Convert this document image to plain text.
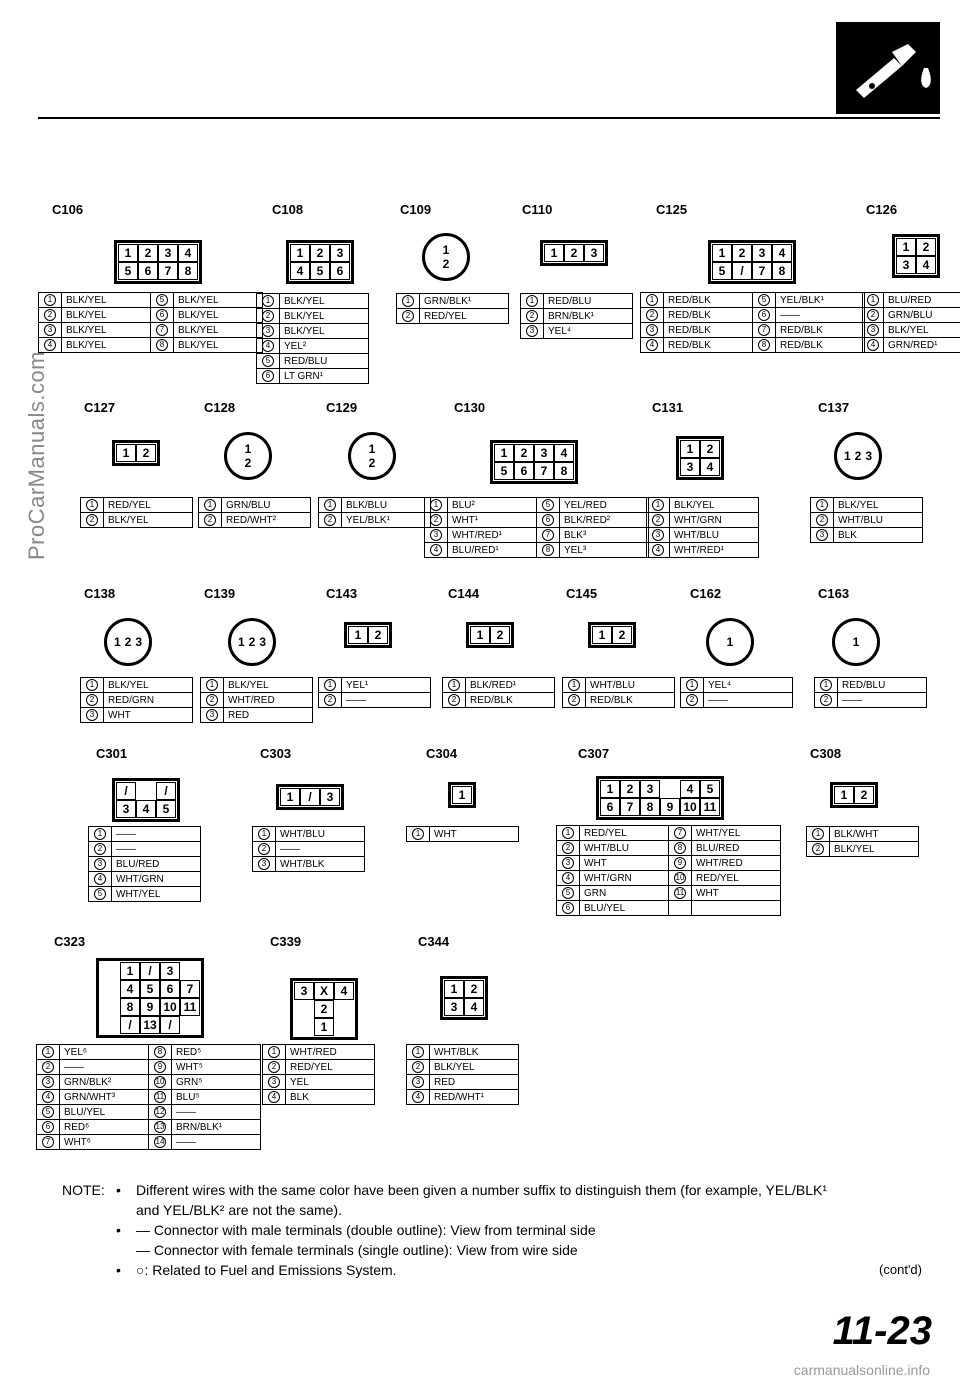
ProCarManuals.com
C106
1	2	3	4
5	6	7	8
1	BLK/YEL	5	BLK/YEL
2	BLK/YEL	6	BLK/YEL
3	BLK/YEL	7	BLK/YEL
4	BLK/YEL	8	BLK/YEL
C108
1	2	3
4	5	6
1	BLK/YEL
2	BLK/YEL
3	BLK/YEL
4	YEL²
5	RED/BLU
6	LT GRN¹
C109
1
2
1	GRN/BLK¹
2	RED/YEL
C110
1	2	3
1	RED/BLU
2	BRN/BLK¹
3	YEL⁴
C125
1	2	3	4
5	/	7	8
1	RED/BLK	5	YEL/BLK¹
2	RED/BLK	6	——
3	RED/BLK	7	RED/BLK
4	RED/BLK	8	RED/BLK
C126
1	2
3	4
1	BLU/RED
2	GRN/BLU
3	BLK/YEL
4	GRN/RED¹
C127
1	2
1	RED/YEL
2	BLK/YEL
C128
1
2
1	GRN/BLU
2	RED/WHT²
C129
1
2
1	BLK/BLU
2	YEL/BLK¹
C130
1	2	3	4
5	6	7	8
1	BLU²	5	YEL/RED
2	WHT¹	6	BLK/RED²
3	WHT/RED¹	7	BLK³
4	BLU/RED¹	8	YEL³
C131
1	2
3	4
1	BLK/YEL
2	WHT/GRN
3	WHT/BLU
4	WHT/RED¹
C137
1 2 3
1	BLK/YEL
2	WHT/BLU
3	BLK
C138
1 2 3
1	BLK/YEL
2	RED/GRN
3	WHT
C139
1 2 3
1	BLK/YEL
2	WHT/RED
3	RED
C143
1	2
1	YEL¹
2	——
C144
1	2
1	BLK/RED¹
2	RED/BLK
C145
1	2
1	WHT/BLU
2	RED/BLK
C162
1
1	YEL⁴
2	——
C163
1
1	RED/BLU
2	——
C301
/	/
3	4	5
1	——
2	——
3	BLU/RED
4	WHT/GRN
5	WHT/YEL
C303
1	/	3
1	WHT/BLU
2	——
3	WHT/BLK
C304
1
1	WHT
C307
1	2	3	4	5
6	7	8	9 10 11
1	RED/YEL	7	WHT/YEL
2	WHT/BLU	8	BLU/RED
3	WHT	9	WHT/RED
4	WHT/GRN	10	RED/YEL
5	GRN	11	WHT
6	BLU/YEL		
C308
1	2
1	BLK/WHT
2	BLK/YEL
C323
1	/	3
4	5	6	7
8	9 10 11
/ 13 /
1	YEL⁶	8	RED⁵
2	——	9	WHT⁵
3	GRN/BLK²	10	GRN⁵
4	GRN/WHT³	11	BLU⁵
5	BLU/YEL	12	——
6	RED⁶	13	BRN/BLK¹
7	WHT⁶	14	——
C339
3	X	4
2
1
1	WHT/RED
2	RED/YEL
3	YEL
4	BLK
C344
1	2
3	4
1	WHT/BLK
2	BLK/YEL
3	RED
4	RED/WHT¹
NOTE: •	Different wires with the same color have been given a number suffix to distinguish them (for example, YEL/BLK¹
and YEL/BLK² are not the same).
•	— Connector with male terminals (double outline): View from terminal side
— Connector with female terminals (single outline): View from wire side
•	○: Related to Fuel and Emissions System.	(cont'd)
11-23
carmanualsonline.info
